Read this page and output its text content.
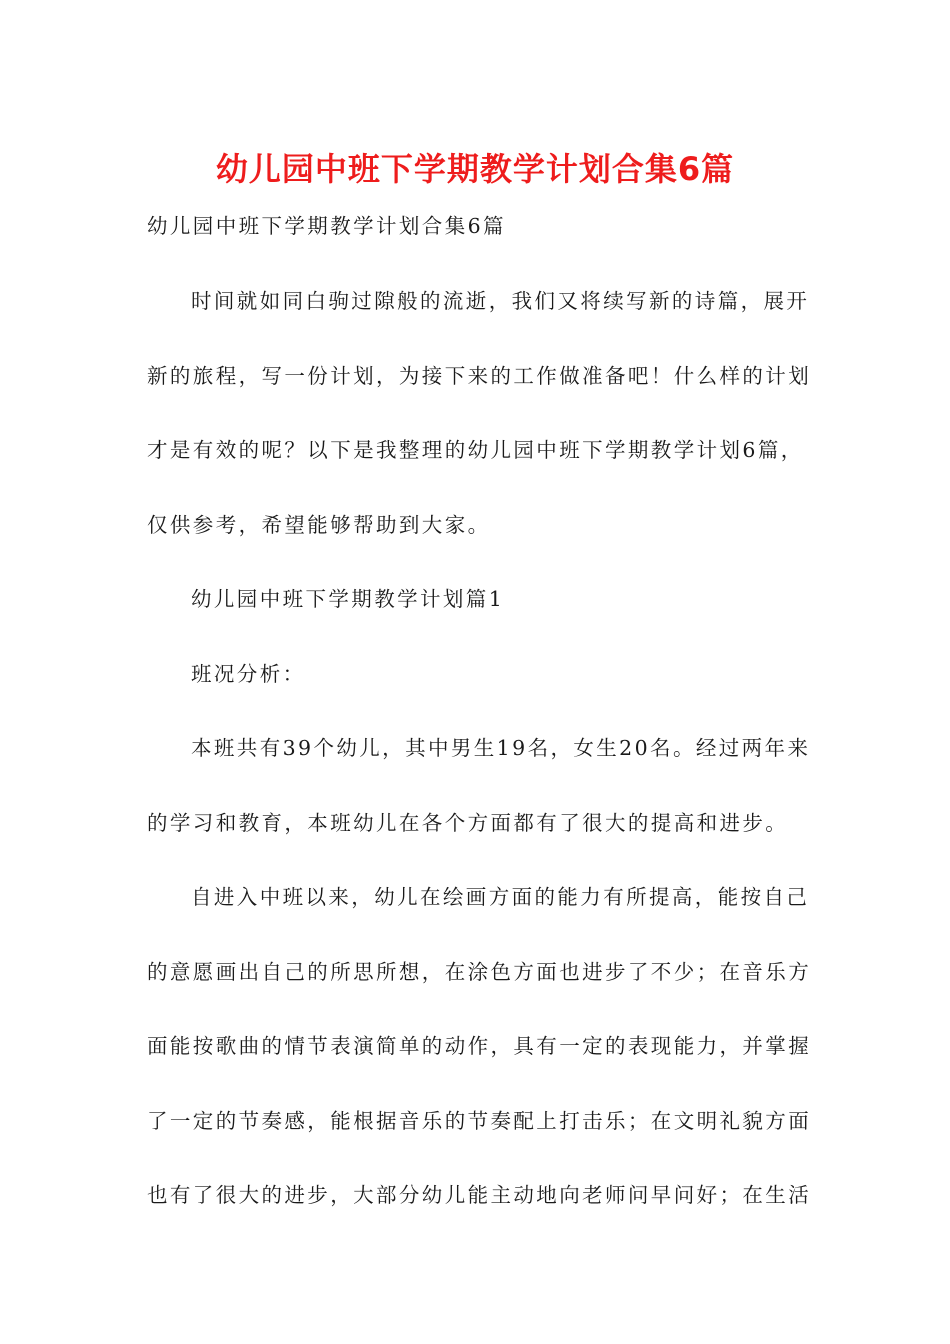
幼儿园中班下学期教学计划合集6篇

幼儿园中班下学期教学计划合集6篇

时间就如同白驹过隙般的流逝，我们又将续写新的诗篇，展开

新的旅程，写一份计划，为接下来的工作做准备吧！什么样的计划

才是有效的呢？以下是我整理的幼儿园中班下学期教学计划6篇，

仅供参考，希望能够帮助到大家。

幼儿园中班下学期教学计划篇1

班况分析：

本班共有39个幼儿，其中男生19名，女生20名。经过两年来

的学习和教育，本班幼儿在各个方面都有了很大的提高和进步。

自进入中班以来，幼儿在绘画方面的能力有所提高，能按自己

的意愿画出自己的所思所想，在涂色方面也进步了不少；在音乐方

面能按歌曲的情节表演简单的动作，具有一定的表现能力，并掌握

了一定的节奏感，能根据音乐的节奏配上打击乐；在文明礼貌方面

也有了很大的进步，大部分幼儿能主动地向老师问早问好；在生活
